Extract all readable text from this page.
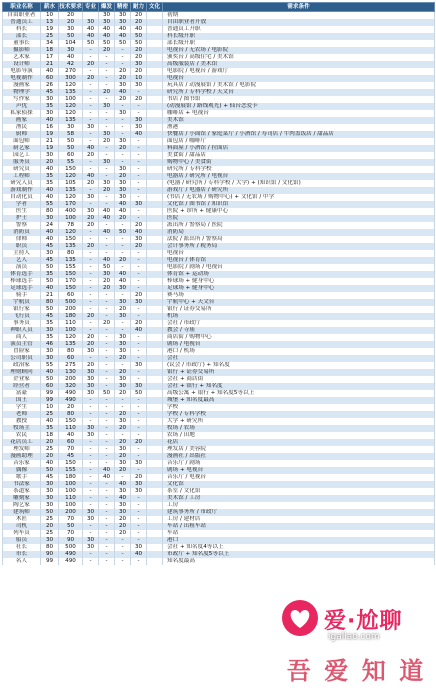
职业名称	薪水	技术要求	专业	爆发	精密	耐力	文化	需求条件
自由职业者	10	20		30	30	20		初期
普通员工	13	20	30	30	30	20		自由职业者开放
科长	19	30	40	40	40	40		普通员工升职
部长	25	50	40	40	40	50		科长级升职
董事长	34	104	50	50	50	50		部长级升职
摄影师	18	30	-	20	-	20		电视台 / 无农场 / 电影院
艺术家	17	40	-	-	-	20		颁奖台 / 高级住宅 / 美术馆
设计师	21	42	20	-	-	30		高级服装店 / 美术馆
电影导演	40	270	-	-	20	20		电影院 / 电视台 / 游戏厅
电视制作	60	300	20	-	20	10		电视台
漫画家	26	120	-	-	30	30		玩具店 / 动漫展馆 / 美术馆 / 电影院
物理学	45	135	-	20	40	-		研究所 / 专科学校 / 天文台
写作家	30	100	-	-	20	20		书店 / 图书馆
声优	35	120	-	30	-	-		(动漫展馆 / 路线观光) + 仙台恋爱卡
私家侦探	30	120	-	-	30	-		咖啡店 + 电视台
画家	40	135	-	-	-	30		美术馆
渔民	16	30	30	-	-	30		渔港
厨师	19	58	-	30	-	40		快餐店 / 小面馆 / 家庭菜厅 / 小酒馆 / 寿司店 / 牛肉盖饭店 / 甜品店
面包师	21	50	-	20	30	-		面包店 / 咖啡厅
厨艺家	19	50	40	-	20	-		料面屋 / 小酒馆 / 拉面店
园艺工	30	60	20	-	-	-		美食街 / 甜品店
服务员	20	55	-	30	-	-		购物中心 / 美食街
研究员	40	150	-	-	30	-		研究所 / 专科学校
工程师	35	120	40	-	20	-		电器店 / 研究所 / 电视台
研究人员	35	105	20	30	30	-		(电器 / 研究所 / 专科学校 / 大学) + (知识馆 / 文化馆)
游戏制作	40	135	-	20	30	-		游戏厅 / 电器店 / 研究所
自动化员	40	120	30	-	30	-		(书店 / 无农场 / 购物中心) + 文化馆 / 中学
学者	55	170	-	-	40	30		文化馆 / 图书馆 / 知识馆
医生	80	400	30	40	40	-		医院 + 诊所 + 健康中心
护士	30	100	20	40	20	-		医院
警察	24	78	20	-	-	20		派出所 / 警察局 / 医院
消防员	40	120	-	40	50	40		消防局
律师	40	150	-	-	-	30		法院 / 派出所 / 警察局
职员	45	135	20	-	-	20		会计事务所 / 税务局
主持人	30	80	-	-	-	-		电视台
艺人	45	135	-	40	20	-		电视台 / 体育馆
演员	50	155	-	50	-	-		电影院 / 剧场 / 电视台
体育选手	35	150	-	30	40	-		体育馆 + 运动场
棒球选手	50	170	-	20	40	-		棒球场 + 健身中心
足球选手	40	150	-	20	30	-		足球场 + 健身中心
骑手	21	60	-	-	-	20		赛马场
宇航员	80	500	-	-	30	30		宇航中心 + 天文台
银行家	50	200	-	-	20	-		银行 / 证券交易所
飞行员	45	180	20	-	30	-		机场
事务员	35	110	-	20	-	20		会社 / 市政厅
神职人员	30	100	-	-	-	40		教会 / 寺庙
商人	35	120	20	-	30	-		商店街 / 购物中心
演员主管	46	135	20	-	30	-		剧场 / 电视台
冒险家	30	80	30	-	30	-		港口 / 机场
公司职员	30	60	-	-	20	-		会社
政治家	55	275	20	-	-	30		(议会 / 市政厅) + 知名度
理财顾问	40	130	30	-	20	-		银行 + 证券交易所
企业家	50	200	30	-	30	-		会社 + 商店街
经营者	60	320	30	-	30	30		会社 + 银行 + 知名度
富豪	99	490	30	50	20	50		高级公寓 + 银行 + 知名度5等以上
国王	99	490	-	-	-	-		城堡 + 知名度最高
学生	10	20	-	-	-	-		学校
老师	25	80	-	-	20	-		学校 / 专科学校
教授	40	150	-	-	30	-		大学 + 研究所
牧场主	35	110	30	-	20	-		牧场 / 农场
农民	18	40	30	-	-	-		农场 / 田地
花店员工	20	60	-	-	20	20		花店
理发师	25	70	-	-	30	-		理发店 / 美容院
漫画助理	20	45	-	-	20	-		漫画社 / 出版社
音乐家	40	150	-	-	30	30		音乐厅 / 剧场
偶像	50	155	-	40	20	-		剧场 + 电视台
歌手	45	180	-	40	-	20		音乐厅 / 电视台
书法家	30	100	-	-	40	30		文化馆
茶道家	30	100	-	-	30	30		茶室 / 文化馆
雕刻家	30	110	-	-	40	-		美术馆 / 工房
陶艺家	30	100	-	-	30	-		工房
建筑师	50	200	30	-	30	-		建筑事务所 / 市政厅
木匠	25	70	30	-	20	-		工房 / 建材店
司机	20	50	-	-	20	-		车站 / 出租车站
列车员	25	70	-	-	20	-		车站
船员	30	90	30	-	-	-		港口
社长	80	500	30	-	-	30		会社 + 知名度4等以上
市长	90	490	-	-	-	40		市政厅 + 知名度5等以上
名人	99	490	-	-	-	-		知名度最高
爱·尬聊
igaliao.com
吾 爱 知 道
